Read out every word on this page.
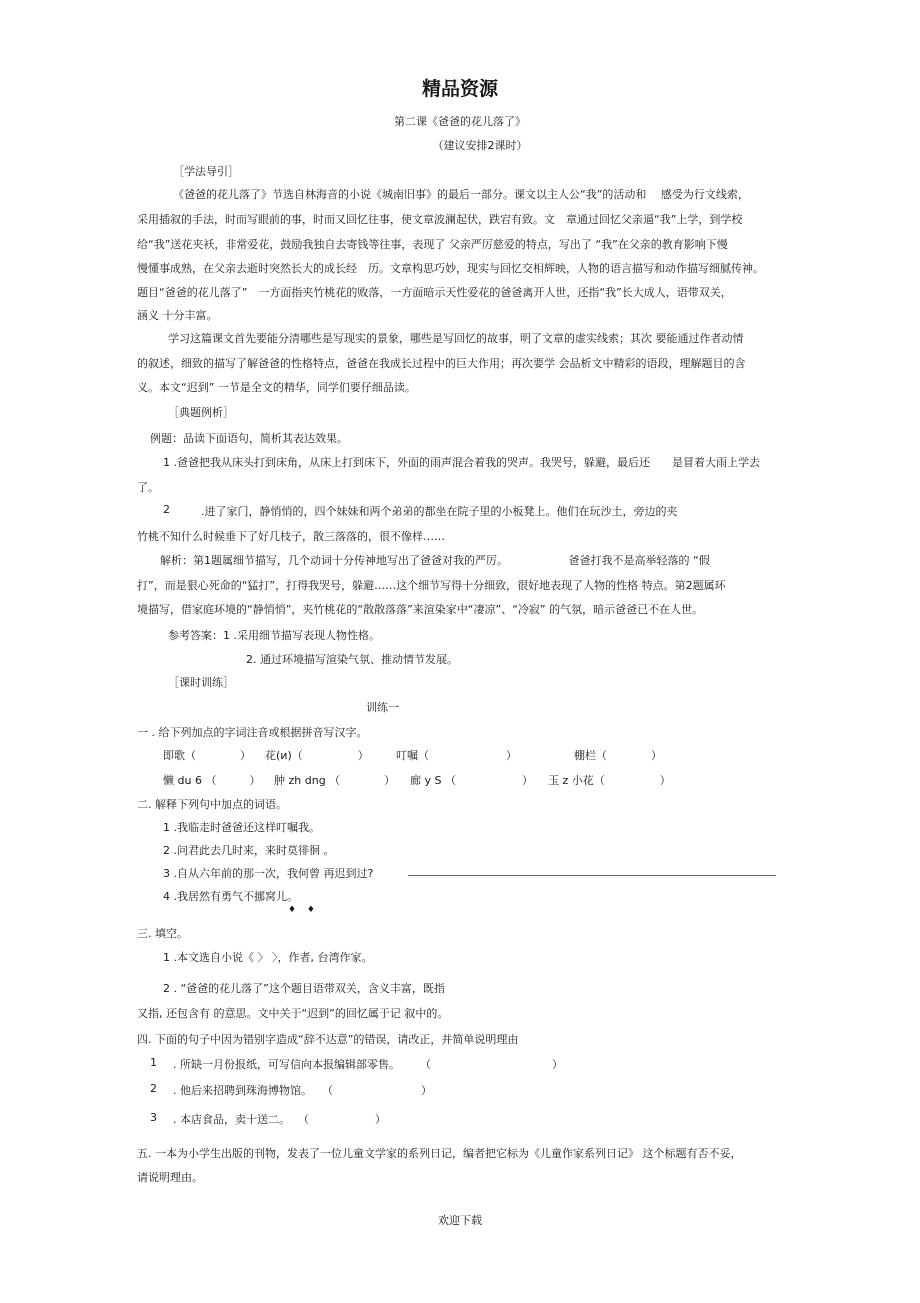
精品资源
第二课《爸爸的花儿落了》
（建议安排2课时）
［学法导引］
《爸爸的花儿落了》节选自林海音的小说《城南旧事》的最后一部分。课文以主人公“我”的活动和　 感受为行文线索，
采用插叙的手法，时而写眼前的事，时而又回忆往事，使文章波澜起伏，跌宕有致。文　章通过回忆父亲逼“我”上学，到学校
给“我”送花夹袄，非常爱花，鼓励我独自去寄钱等往事，表现了 父亲严厉慈爱的特点，写出了 “我”在父亲的教育影响下慢
慢懂事成熟，在父亲去逝时突然长大的成长经　历。文章构思巧妙，现实与回忆交相辉映，人物的语言描写和动作描写细腻传神。
题目“爸爸的花儿落了”　一方面指夹竹桃花的败落，一方面暗示天性爱花的爸爸离开人世，还指“我”长大成人，语带双关，
涵义 十分丰富。
学习这篇课文首先要能分清哪些是写现实的景象，哪些是写回忆的故事，明了文章的虚实线索；其次 要能通过作者动情
的叙述，细致的描写了解爸爸的性格特点，爸爸在我成长过程中的巨大作用；再次要学 会品析文中精彩的语段，理解题目的含
义。本文“迟到” 一节是全文的精华，同学们要仔细品读。
［典题例析］
例题：品读下面语句，简析其表达效果。
1 .爸爸把我从床头打到床角，从床上打到床下，外面的雨声混合着我的哭声。我哭号，躲避，最后还　　是冒着大雨上学去
了。
2	.进了家门，静悄悄的，四个妹妹和两个弟弟的都坐在院子里的小板凳上。他们在玩沙土，旁边的夹
竹桃不知什么时候垂下了好几枝子，散三落落的，很不像样……
解析：第1题属细节描写，几个动词十分传神地写出了爸爸对我的严厉。　　　　　　爸爸打我不是高举轻落的 “假
打”，而是狠心死命的“猛打”，打得我哭号，躲避……这个细节写得十分细致，很好地表现了人物的性格 特点。第2题属环
境描写，借家庭环境的“静悄悄”，夹竹桃花的“散散落落”来渲染家中“凄凉”、“冷寂” 的气氛，暗示爸爸已不在人世。
参考答案：1 .采用细节描写表现人物性格。
2. 通过环境描写渲染气氛、推动情节发展。
［课时训练］
训练一
一 . 给下列加点的字词注音或根据拼音写汉字。
即歌（　　　　） 花(и)（　　　　　） 叮嘱（　　　　　　　）	棚栏（　　　　）
懒 du 6 （　　　） 肿 zh dng （　　　　） 廊 y S （　　　　　　） 玉 z 小花（　　　　　）
二. 解释下列句中加点的词语。
1 .我临走时爸爸还这样叮嘱我。
2 .问君此去几时来，来时莫徘徊 。
3 .自从六年前的那一次，我何曾 再迟到过?
4 .我居然有勇气不挪窝儿。
♦ ♦
三. 填空。
1 .本文选自小说《 〉 〉，作者, 台湾作家。
2 . “爸爸的花儿落了”这个题目语带双关，含义丰富，既指
又指, 还包含有 的意思。文中关于“迟到”的回忆属于记 叙中的。
四. 下面的句子中因为错别字造成“辞不达意”的错误，请改正，并简单说明理由
1 . 所缺一月份报纸，可写信向本报编辑部零售。 （　　　　　　　　　　　）
2 . 他后来招聘到珠海博物馆。 （　　　　　　　　）
3 . 本店食品，卖十送二。 （　　　　　　）
五. 一本为小学生出版的刊物，发表了一位儿童文学家的系列日记，编者把它标为《儿童作家系列日记》 这个标题有否不妥，
请说明理由。
欢迎下载
